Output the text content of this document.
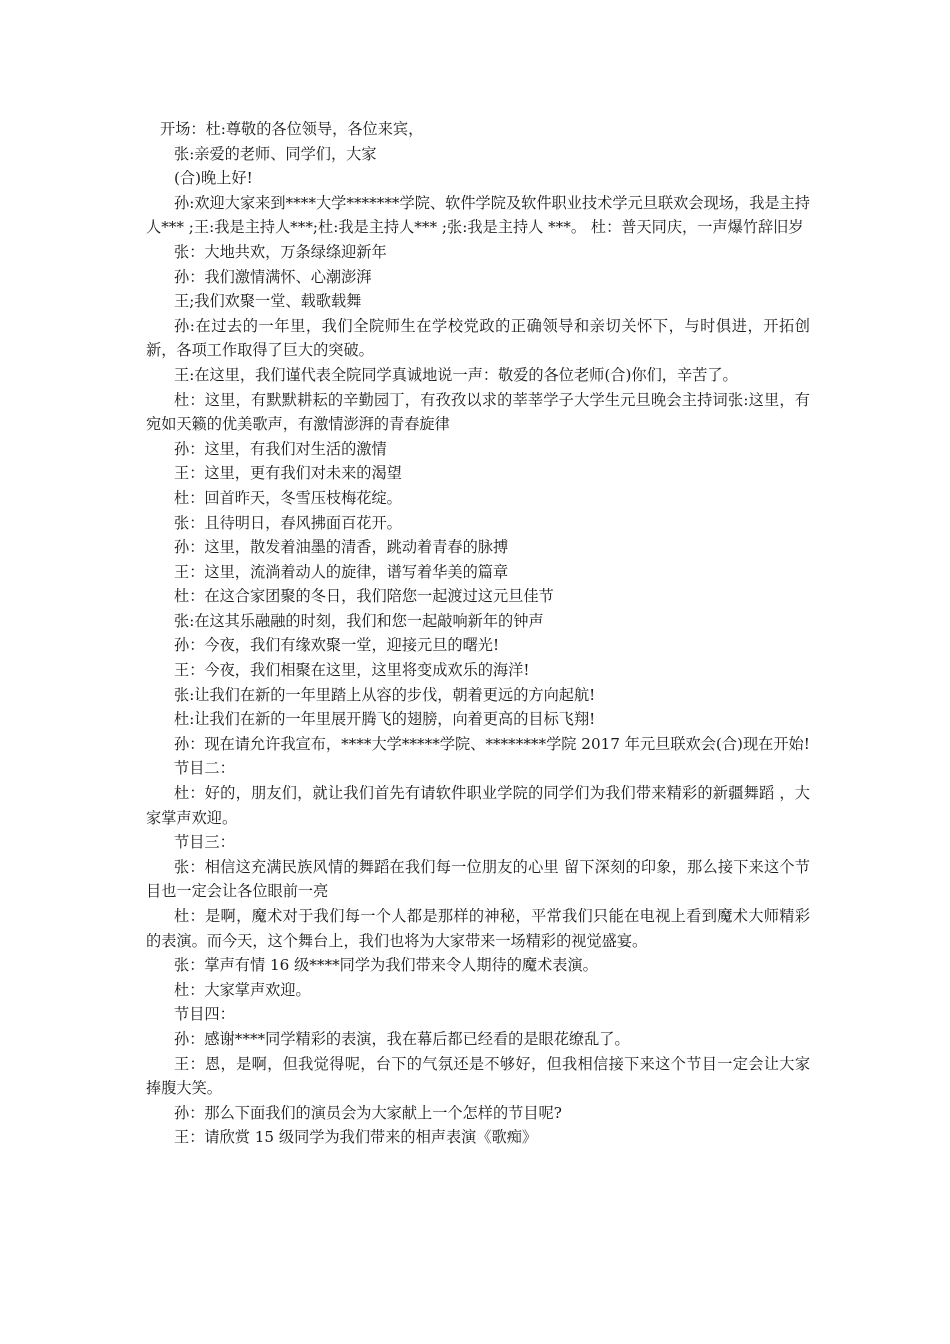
开场：杜:尊敬的各位领导，各位来宾，

张:亲爱的老师、同学们，大家

(合)晚上好!

孙:欢迎大家来到****大学*******学院、软件学院及软件职业技术学元旦联欢会现场，我是主持人*** ;王:我是主持人***;杜:我是主持人*** ;张:我是主持人 ***。 杜：普天同庆，一声爆竹辞旧岁

张：大地共欢，万条绿绦迎新年

孙：我们激情满怀、心潮澎湃

王;我们欢聚一堂、载歌载舞

孙:在过去的一年里，我们全院师生在学校党政的正确领导和亲切关怀下，与时俱进，开拓创新，各项工作取得了巨大的突破。

王:在这里，我们谨代表全院同学真诚地说一声：敬爱的各位老师(合)你们，辛苦了。

杜：这里，有默默耕耘的辛勤园丁，有孜孜以求的莘莘学子大学生元旦晚会主持词张:这里，有宛如天籁的优美歌声，有激情澎湃的青春旋律

孙：这里，有我们对生活的激情

王：这里，更有我们对未来的渴望

杜：回首昨天，冬雪压枝梅花绽。

张：且待明日，春风拂面百花开。

孙：这里，散发着油墨的清香，跳动着青春的脉搏

王：这里，流淌着动人的旋律，谱写着华美的篇章

杜：在这合家团聚的冬日，我们陪您一起渡过这元旦佳节

张:在这其乐融融的时刻，我们和您一起敲响新年的钟声

孙：今夜，我们有缘欢聚一堂，迎接元旦的曙光!

王：今夜，我们相聚在这里，这里将变成欢乐的海洋!

张:让我们在新的一年里踏上从容的步伐，朝着更远的方向起航!

杜:让我们在新的一年里展开腾飞的翅膀，向着更高的目标飞翔!

孙：现在请允许我宣布，****大学*****学院、********学院 2017 年元旦联欢会(合)现在开始!

节目二：

杜：好的，朋友们，就让我们首先有请软件职业学院的同学们为我们带来精彩的新疆舞蹈 ，大家掌声欢迎。

节目三：

张：相信这充满民族风情的舞蹈在我们每一位朋友的心里 留下深刻的印象，那么接下来这个节目也一定会让各位眼前一亮

杜：是啊，魔术对于我们每一个人都是那样的神秘，平常我们只能在电视上看到魔术大师精彩的表演。而今天，这个舞台上，我们也将为大家带来一场精彩的视觉盛宴。

张：掌声有情 16 级****同学为我们带来令人期待的魔术表演。

杜：大家掌声欢迎。

节目四：

孙：感谢****同学精彩的表演，我在幕后都已经看的是眼花缭乱了。

王：恩，是啊，但我觉得呢，台下的气氛还是不够好，但我相信接下来这个节目一定会让大家捧腹大笑。

孙：那么下面我们的演员会为大家献上一个怎样的节目呢?

王：请欣赏 15 级同学为我们带来的相声表演《歌痴》
